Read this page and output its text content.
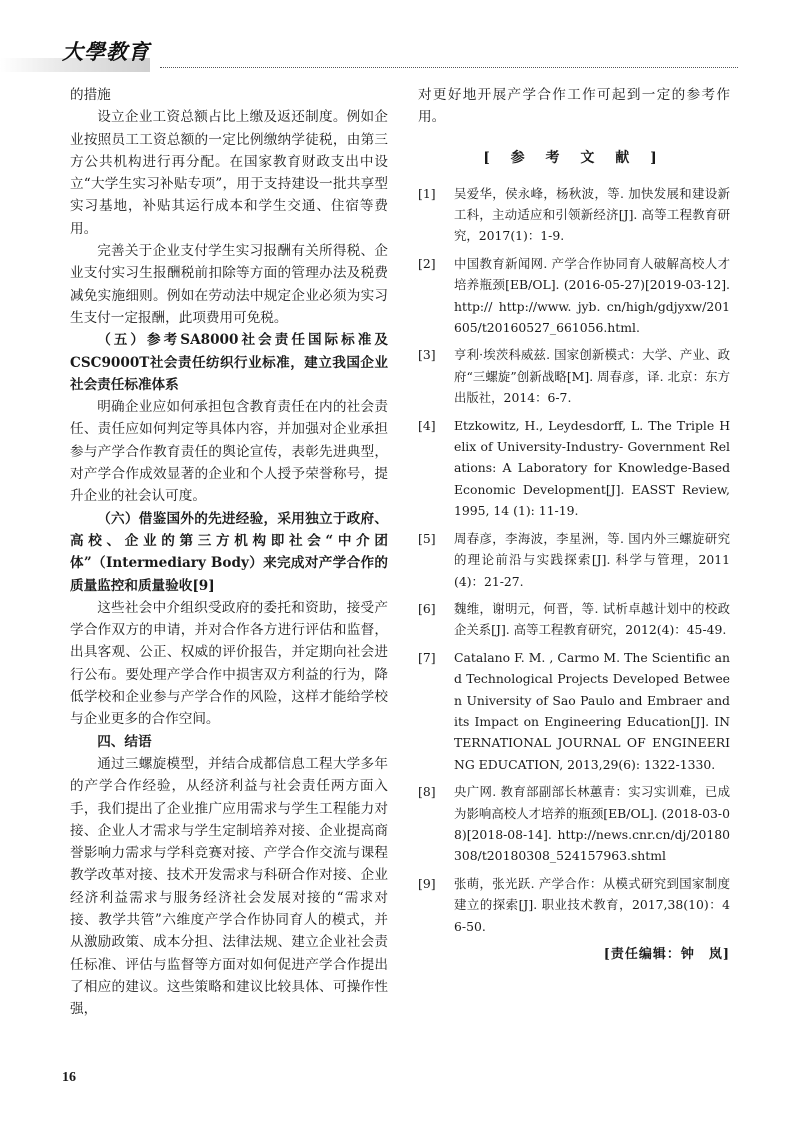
大學教育

的措施

设立企业工资总额占比上缴及返还制度。例如企业按照员工工资总额的一定比例缴纳学徒税，由第三方公共机构进行再分配。在国家教育财政支出中设立“大学生实习补贴专项”，用于支持建设一批共享型实习基地，补贴其运行成本和学生交通、住宿等费用。

完善关于企业支付学生实习报酬有关所得税、企业支付实习生报酬税前扣除等方面的管理办法及税费减免实施细则。例如在劳动法中规定企业必须为实习生支付一定报酬，此项费用可免税。

（五）参考SA8000社会责任国际标准及CSC9000T社会责任纺织行业标准，建立我国企业社会责任标准体系

明确企业应如何承担包含教育责任在内的社会责任、责任应如何判定等具体内容，并加强对企业承担参与产学合作教育责任的舆论宣传，表彰先进典型，对产学合作成效显著的企业和个人授予荣誉称号，提升企业的社会认可度。

（六）借鉴国外的先进经验，采用独立于政府、高校、企业的第三方机构即社会“中介团体”（Intermediary Body）来完成对产学合作的质量监控和质量验收[9]

这些社会中介组织受政府的委托和资助，接受产学合作双方的申请，并对合作各方进行评估和监督，出具客观、公正、权威的评价报告，并定期向社会进行公布。要处理产学合作中损害双方利益的行为，降低学校和企业参与产学合作的风险，这样才能给学校与企业更多的合作空间。

四、结语

通过三螺旋模型，并结合成都信息工程大学多年的产学合作经验，从经济利益与社会责任两方面入手，我们提出了企业推广应用需求与学生工程能力对接、企业人才需求与学生定制培养对接、企业提高商誉影响力需求与学科竞赛对接、产学合作交流与课程教学改革对接、技术开发需求与科研合作对接、企业经济利益需求与服务经济社会发展对接的“需求对接、教学共管”六维度产学合作协同育人的模式，并从激励政策、成本分担、法律法规、建立企业社会责任标准、评估与监督等方面对如何促进产学合作提出了相应的建议。这些策略和建议比较具体、可操作性强，

对更好地开展产学合作工作可起到一定的参考作用。

[ 参 考 文 献 ]
[1]	吴爱华，侯永峰，杨秋波，等. 加快发展和建设新工科，主动适应和引领新经济[J]. 高等工程教育研究，2017(1)：1-9.
[2]	中国教育新闻网. 产学合作协同育人破解高校人才培养瓶颈[EB/OL]. (2016-05-27)[2019-03-12]. http:// http://www. jyb. cn/high/gdjyxw/201605/t20160527_661056.html.
[3]	亨利·埃茨科威兹. 国家创新模式：大学、产业、政府“三螺旋”创新战略[M]. 周春彦，译. 北京：东方出版社，2014：6-7.
[4]	Etzkowitz, H., Leydesdorff, L. The Triple Helix of University-Industry- Government Relations: A Laboratory for Knowledge-Based Economic Development[J]. EASST Review, 1995, 14 (1): 11-19.
[5]	周春彦，李海波，李星洲，等. 国内外三螺旋研究的理论前沿与实践探索[J]. 科学与管理，2011(4)：21-27.
[6]	魏维，谢明元，何晋，等. 试析卓越计划中的校政企关系[J]. 高等工程教育研究，2012(4)：45-49.
[7]	Catalano F. M. , Carmo M. The Scientific and Technological Projects Developed Between University of Sao Paulo and Embraer and its Impact on Engineering Education[J]. INTERNATIONAL JOURNAL OF ENGINEERING EDUCATION, 2013,29(6): 1322-1330.
[8]	央广网. 教育部副部长林蕙青：实习实训难，已成为影响高校人才培养的瓶颈[EB/OL]. (2018-03-08)[2018-08-14]. http://news.cnr.cn/dj/20180308/t20180308_524157963.shtml
[9]	张萌，张光跃. 产学合作：从模式研究到国家制度建立的探索[J]. 职业技术教育，2017,38(10)：46-50.
[责任编辑：钟　岚]
16
